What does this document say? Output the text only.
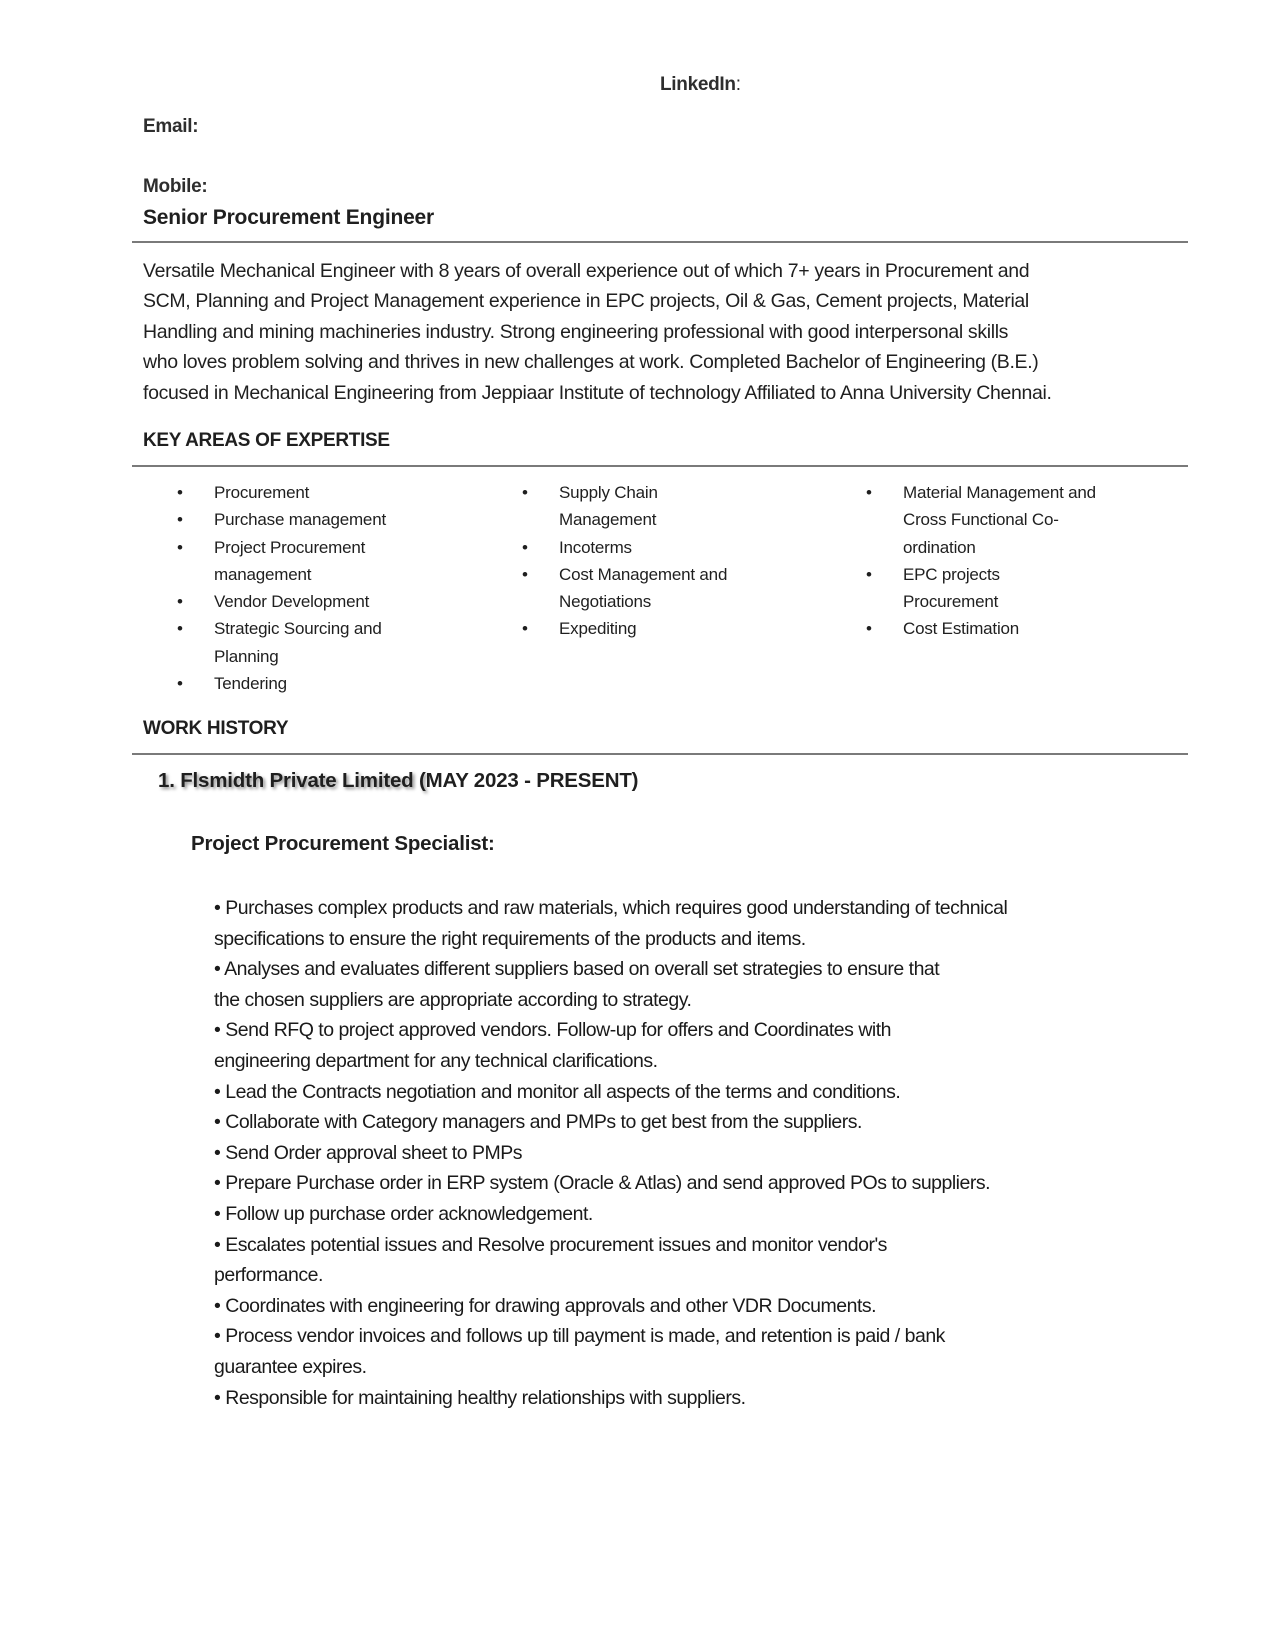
LinkedIn:
Email:
Mobile:
Senior Procurement Engineer

Versatile Mechanical Engineer with 8 years of overall experience out of which 7+ years in Procurement and

SCM, Planning and Project Management experience in EPC projects, Oil & Gas, Cement projects, Material

Handling and mining machineries industry. Strong engineering professional with good interpersonal skills

who loves problem solving and thrives in new challenges at work. Completed Bachelor of Engineering (B.E.)

focused in Mechanical Engineering from Jeppiaar Institute of technology Affiliated to Anna University Chennai.

KEY AREAS OF EXPERTISE
• Procurement
• Purchase management
• Project Procurement management
• Vendor Development
• Strategic Sourcing and Planning
• Tendering
• Supply Chain Management
• Incoterms
• Cost Management and Negotiations
• Expediting
• Material Management and Cross Functional Co-ordination
• EPC projects Procurement
• Cost Estimation
WORK HISTORY
1. Flsmidth Private Limited (MAY 2023 - PRESENT)
Project Procurement Specialist:

• Purchases complex products and raw materials, which requires good understanding of technical

specifications to ensure the right requirements of the products and items.

• Analyses and evaluates different suppliers based on overall set strategies to ensure that

the chosen suppliers are appropriate according to strategy.

• Send RFQ to project approved vendors. Follow-up for offers and Coordinates with

engineering department for any technical clarifications.

• Lead the Contracts negotiation and monitor all aspects of the terms and conditions.

• Collaborate with Category managers and PMPs to get best from the suppliers.

• Send Order approval sheet to PMPs

• Prepare Purchase order in ERP system (Oracle & Atlas) and send approved POs to suppliers.

• Follow up purchase order acknowledgement.

• Escalates potential issues and Resolve procurement issues and monitor vendor's

performance.

• Coordinates with engineering for drawing approvals and other VDR Documents.

• Process vendor invoices and follows up till payment is made, and retention is paid / bank

guarantee expires.

• Responsible for maintaining healthy relationships with suppliers.
